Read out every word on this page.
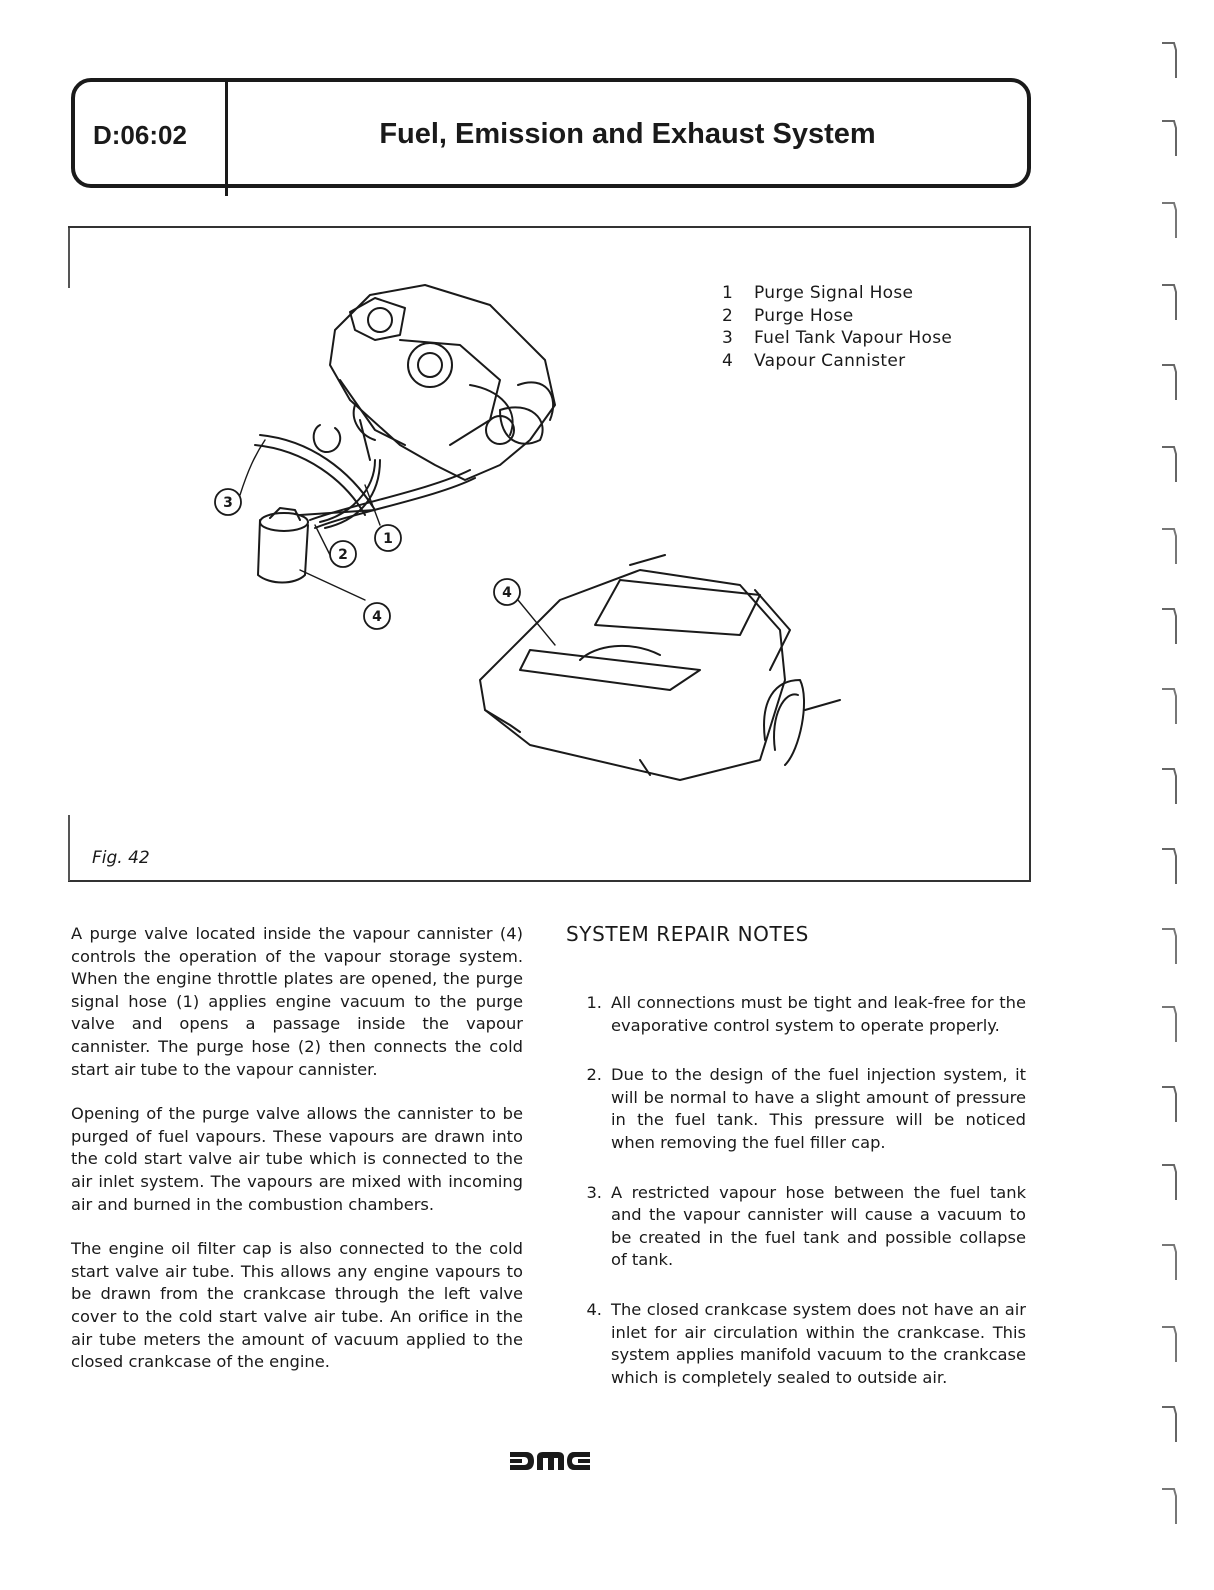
D:06:02	Fuel, Emission and Exhaust System
3
2
1
4
4
1	Purge Signal Hose
2	Purge Hose
3	Fuel Tank Vapour Hose
4	Vapour Cannister
Fig. 42

A purge valve located inside the vapour cannister (4) controls the operation of the vapour storage system. When the engine throttle plates are opened, the purge signal hose (1) applies engine vacuum to the purge valve and opens a passage inside the vapour cannister. The purge hose (2) then connects the cold start air tube to the vapour cannister.

Opening of the purge valve allows the cannister to be purged of fuel vapours. These vapours are drawn into the cold start valve air tube which is connected to the air inlet system. The vapours are mixed with incoming air and burned in the combustion chambers.

The engine oil filter cap is also connected to the cold start valve air tube. This allows any engine vapours to be drawn from the crankcase through the left valve cover to the cold start valve air tube. An orifice in the air tube meters the amount of vacuum applied to the closed crankcase of the engine.

SYSTEM REPAIR NOTES
1. All connections must be tight and leak-free for the evaporative control system to operate properly.
2. Due to the design of the fuel injection system, it will be normal to have a slight amount of pressure in the fuel tank. This pressure will be noticed when removing the fuel filler cap.
3. A restricted vapour hose between the fuel tank and the vapour cannister will cause a vacuum to be created in the fuel tank and possible collapse of tank.
4. The closed crankcase system does not have an air inlet for air circulation within the crankcase. This system applies manifold vacuum to the crankcase which is completely sealed to outside air.
